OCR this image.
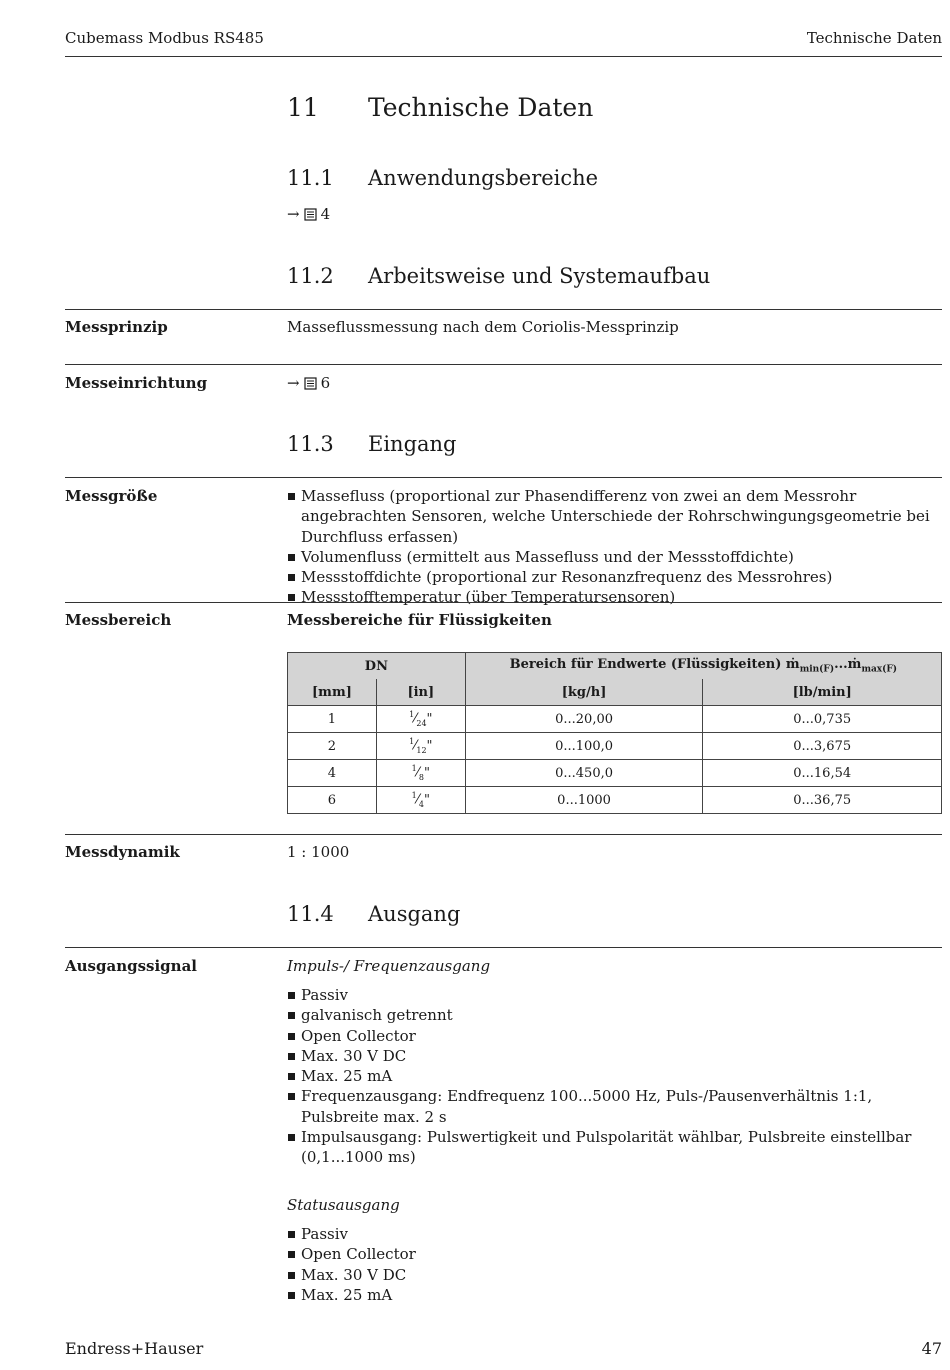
Cubemass Modbus RS485	Technische Daten
11 Technische Daten
11.1 Anwendungsbereiche
→ 4
11.2 Arbeitsweise und Systemaufbau
Messprinzip	Masseflussmessung nach dem Coriolis-Messprinzip
Messeinrichtung	→ 6
11.3 Eingang
Messgröße	Massefluss (proportional zur Phasendifferenz von zwei an dem Messrohr angebrachten Sensoren, welche Unterschiede der Rohrschwingungsgeometrie bei Durchfluss erfassen)
Volumenfluss (ermittelt aus Massefluss und der Messstoffdichte)
Messstoffdichte (proportional zur Resonanzfrequenz des Messrohres)
Messstofftemperatur (über Temperatursensoren)
Messbereich	Messbereiche für Flüssigkeiten
DN		Bereich für Endwerte (Flüssigkeiten) ṁ$_{min(F)}$...ṁ$_{max(F)}$
[mm]	[in]	[kg/h]	[lb/min]
1	$^1⁄_{24}$"	0...20,00	0...0,735
2	$^1⁄_{12}$"	0...100,0	0...3,675
4	$^1⁄_8$"	0...450,0	0...16,54
6	$^1⁄_4$"	0...1000	0...36,75
Messdynamik	1 : 1000
11.4 Ausgang
Ausgangssignal	Impuls-/ Frequenzausgang
Passiv
galvanisch getrennt
Open Collector
Max. 30 V DC
Max. 25 mA
Frequenzausgang: Endfrequenz 100...5000 Hz, Puls-/Pausenverhältnis 1:1, Pulsbreite max. 2 s
Impulsausgang: Pulswertigkeit und Pulspolarität wählbar, Pulsbreite einstellbar (0,1...1000 ms)
Statusausgang
Passiv
Open Collector
Max. 30 V DC
Max. 25 mA
Endress+Hauser	47
